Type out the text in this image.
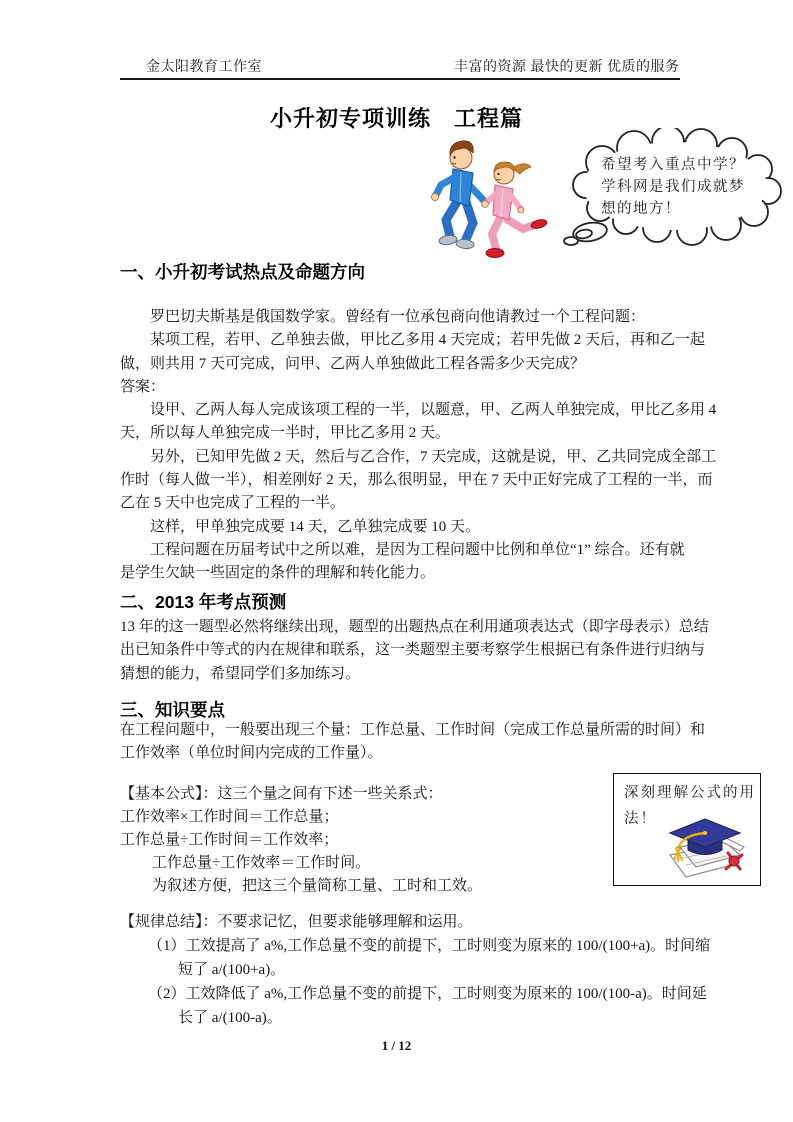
金太阳教育工作室	丰富的资源 最快的更新 优质的服务
小升初专项训练　工程篇
希望考入重点中学？
学科网是我们成就梦
想的地方！
一、小升初考试热点及命题方向
罗巴切夫斯基是俄国数学家。曾经有一位承包商向他请教过一个工程问题：
某项工程，若甲、乙单独去做，甲比乙多用 4 天完成；若甲先做 2 天后，再和乙一起
做，则共用 7 天可完成，问甲、乙两人单独做此工程各需多少天完成？
答案：
设甲、乙两人每人完成该项工程的一半，以题意，甲、乙两人单独完成，甲比乙多用 4
天，所以每人单独完成一半时，甲比乙多用 2 天。
另外，已知甲先做 2 天，然后与乙合作，7 天完成，这就是说，甲、乙共同完成全部工
作时（每人做一半），相差刚好 2 天，那么很明显，甲在 7 天中正好完成了工程的一半，而
乙在 5 天中也完成了工程的一半。
这样，甲单独完成要 14 天，乙单独完成要 10 天。
工程问题在历届考试中之所以难，是因为工程问题中比例和单位“1” 综合。还有就
是学生欠缺一些固定的条件的理解和转化能力。
二、2013 年考点预测
13 年的这一题型必然将继续出现，题型的出题热点在利用通项表达式（即字母表示）总结
出已知条件中等式的内在规律和联系，这一类题型主要考察学生根据已有条件进行归纳与
猜想的能力，希望同学们多加练习。
三、知识要点
在工程问题中，一般要出现三个量：工作总量、工作时间（完成工作总量所需的时间）和
工作效率（单位时间内完成的工作量）。
【基本公式】：这三个量之间有下述一些关系式：
工作效率×工作时间＝工作总量；
工作总量÷工作时间＝工作效率；
工作总量÷工作效率＝工作时间。
为叙述方便，把这三个量简称工量、工时和工效。
深刻理解公式的用
法！
【规律总结】：不要求记忆，但要求能够理解和运用。
（1）工效提高了 a%,工作总量不变的前提下，工时则变为原来的 100/(100+a)。时间缩
短了 a/(100+a)。
（2）工效降低了 a%,工作总量不变的前提下，工时则变为原来的 100/(100-a)。时间延
长了 a/(100-a)。
1 / 12
